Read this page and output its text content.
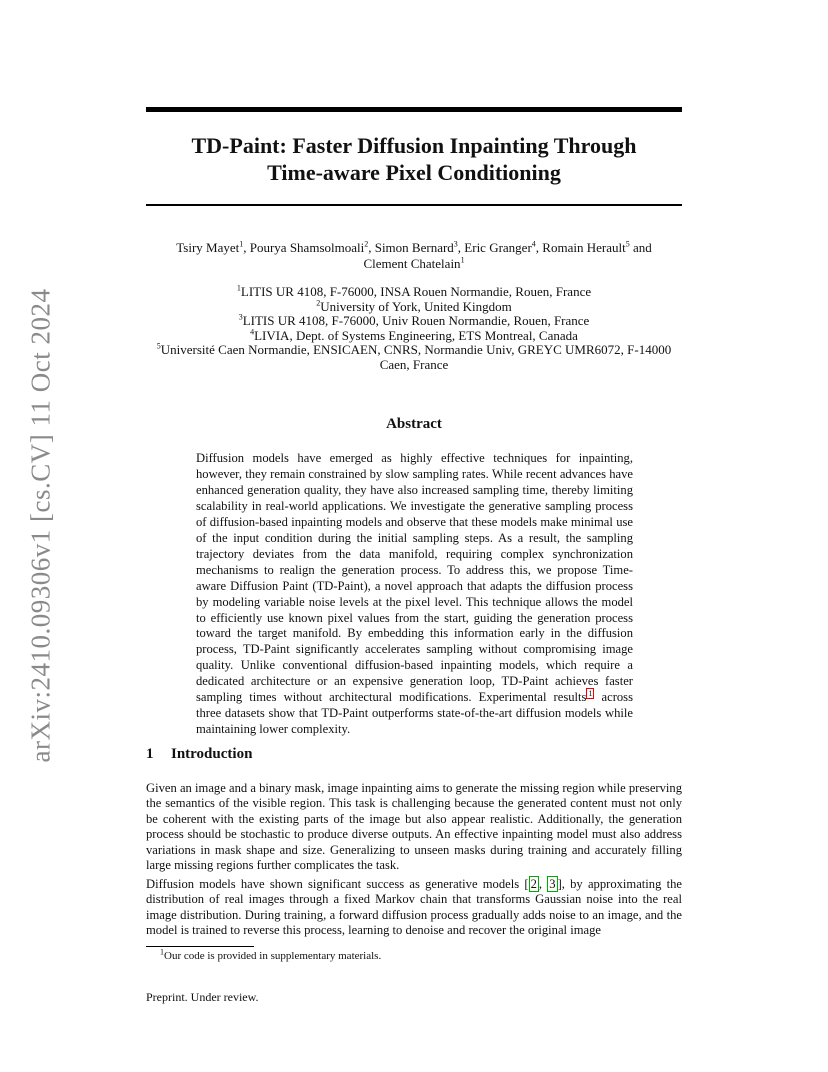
arXiv:2410.09306v1 [cs.CV] 11 Oct 2024
TD-Paint: Faster Diffusion Inpainting Through
Time-aware Pixel Conditioning
Tsiry Mayet$^1$, Pourya Shamsolmoali$^2$, Simon Bernard$^3$, Eric Granger$^4$, Romain Herault$^5$ and
Clement Chatelain$^1$
$^1$LITIS UR 4108, F-76000, INSA Rouen Normandie, Rouen, France
$^2$University of York, United Kingdom
$^3$LITIS UR 4108, F-76000, Univ Rouen Normandie, Rouen, France
$^4$LIVIA, Dept. of Systems Engineering, ETS Montreal, Canada
$^5$Université Caen Normandie, ENSICAEN, CNRS, Normandie Univ, GREYC UMR6072, F-14000
Caen, France
Abstract

Diffusion models have emerged as highly effective techniques for inpainting, however, they remain constrained by slow sampling rates. While recent advances have enhanced generation quality, they have also increased sampling time, thereby limiting scalability in real-world applications. We investigate the generative sampling process of diffusion-based inpainting models and observe that these models make minimal use of the input condition during the initial sampling steps. As a result, the sampling trajectory deviates from the data manifold, requiring complex synchronization mechanisms to realign the generation process. To address this, we propose Time-aware Diffusion Paint (TD-Paint), a novel approach that adapts the diffusion process by modeling variable noise levels at the pixel level. This technique allows the model to efficiently use known pixel values from the start, guiding the generation process toward the target manifold. By embedding this information early in the diffusion process, TD-Paint significantly accelerates sampling without compromising image quality. Unlike conventional diffusion-based inpainting models, which require a dedicated architecture or an expensive generation loop, TD-Paint achieves faster sampling times without architectural modifications. Experimental results $^1$ across three datasets show that TD-Paint outperforms state-of-the-art diffusion models while maintaining lower complexity.

1 Introduction

Given an image and a binary mask, image inpainting aims to generate the missing region while preserving the semantics of the visible region. This task is challenging because the generated content must not only be coherent with the existing parts of the image but also appear realistic. Additionally, the generation process should be stochastic to produce diverse outputs. An effective inpainting model must also address variations in mask shape and size. Generalizing to unseen masks during training and accurately filling large missing regions further complicates the task.

Diffusion models have shown significant success as generative models [ 2 , 3 ], by approximating the distribution of real images through a fixed Markov chain that transforms Gaussian noise into the real image distribution. During training, a forward diffusion process gradually adds noise to an image, and the model is trained to reverse this process, learning to denoise and recover the original image

$^1$Our code is provided in supplementary materials.
Preprint. Under review.
